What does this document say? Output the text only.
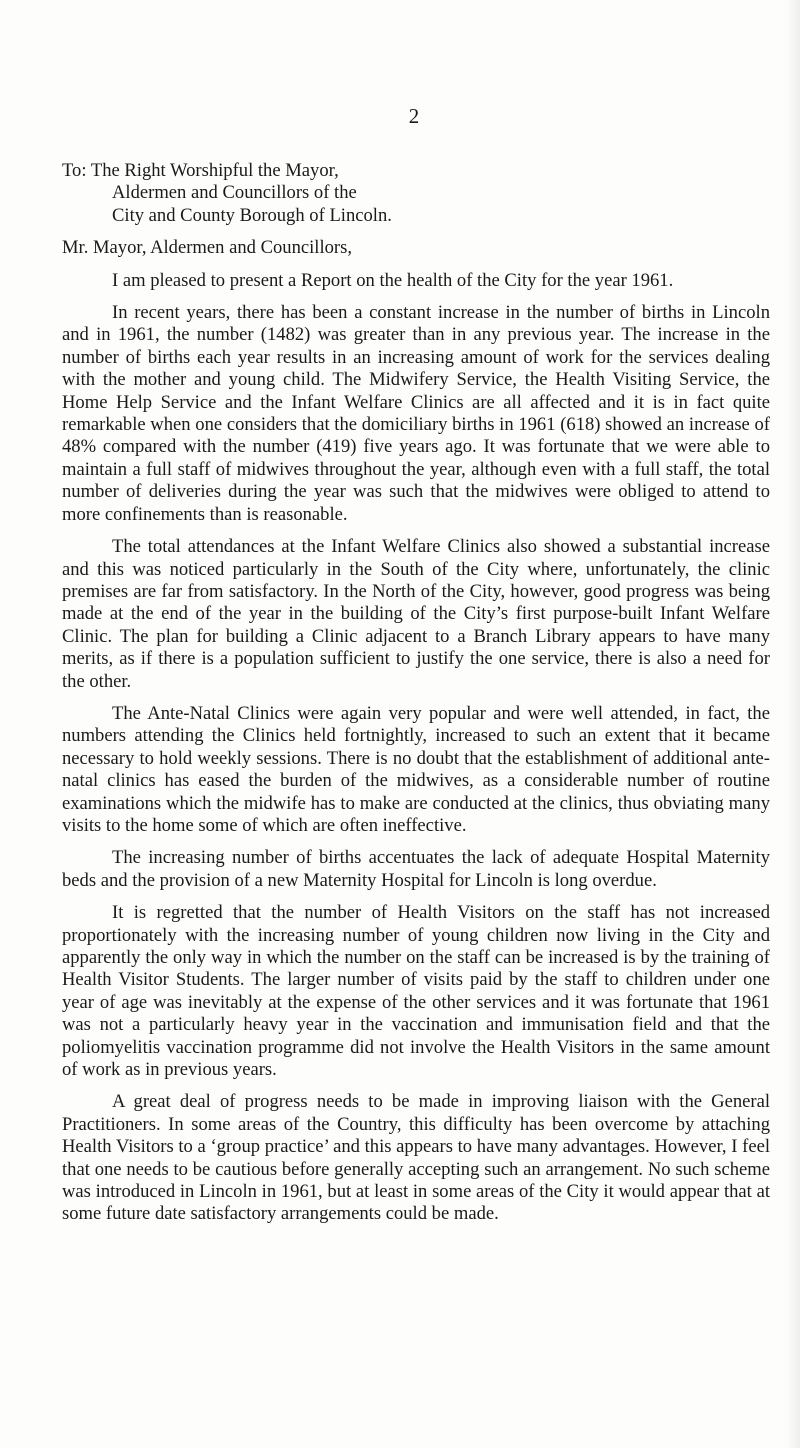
2
To: The Right Worshipful the Mayor,
Aldermen and Councillors of the
City and County Borough of Lincoln.
Mr. Mayor, Aldermen and Councillors,

I am pleased to present a Report on the health of the City for the year 1961.

In recent years, there has been a constant increase in the number of births in Lincoln and in 1961, the number (1482) was greater than in any previous year. The increase in the number of births each year results in an increasing amount of work for the services dealing with the mother and young child. The Midwifery Service, the Health Visiting Service, the Home Help Service and the Infant Welfare Clinics are all affected and it is in fact quite remarkable when one considers that the domiciliary births in 1961 (618) showed an increase of 48% compared with the number (419) five years ago. It was fortunate that we were able to maintain a full staff of midwives throughout the year, although even with a full staff, the total number of deliveries during the year was such that the midwives were obliged to attend to more confinements than is reasonable.

The total attendances at the Infant Welfare Clinics also showed a substantial increase and this was noticed particularly in the South of the City where, unfortunately, the clinic premises are far from satisfactory. In the North of the City, however, good progress was being made at the end of the year in the building of the City’s first purpose-built Infant Welfare Clinic. The plan for building a Clinic adjacent to a Branch Library appears to have many merits, as if there is a population sufficient to justify the one service, there is also a need for the other.

The Ante-Natal Clinics were again very popular and were well attended, in fact, the numbers attending the Clinics held fortnightly, increased to such an extent that it became necessary to hold weekly sessions. There is no doubt that the establishment of additional ante-natal clinics has eased the burden of the midwives, as a considerable number of routine examinations which the midwife has to make are conducted at the clinics, thus obviating many visits to the home some of which are often ineffective.

The increasing number of births accentuates the lack of adequate Hospital Maternity beds and the provision of a new Maternity Hospital for Lincoln is long overdue.

It is regretted that the number of Health Visitors on the staff has not increased proportionately with the increasing number of young children now living in the City and apparently the only way in which the number on the staff can be increased is by the training of Health Visitor Students. The larger number of visits paid by the staff to children under one year of age was inevitably at the expense of the other services and it was fortunate that 1961 was not a particularly heavy year in the vaccination and immunisation field and that the poliomyelitis vaccination programme did not involve the Health Visitors in the same amount of work as in previous years.

A great deal of progress needs to be made in improving liaison with the General Practitioners. In some areas of the Country, this difficulty has been overcome by attaching Health Visitors to a ‘group practice’ and this appears to have many advantages. However, I feel that one needs to be cautious before generally accepting such an arrangement. No such scheme was introduced in Lincoln in 1961, but at least in some areas of the City it would appear that at some future date satisfactory arrangements could be made.
